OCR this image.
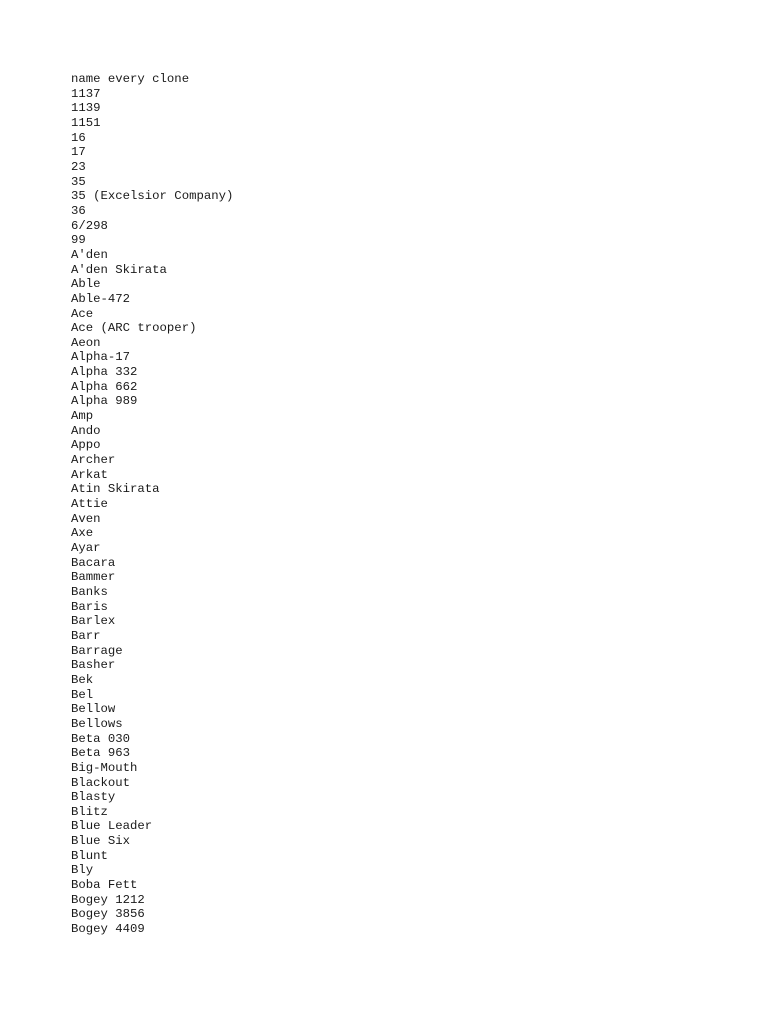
name every clone
1137
1139
1151
16
17
23
35
35 (Excelsior Company)
36
6/298
99
A'den
A'den Skirata
Able
Able-472
Ace
Ace (ARC trooper)
Aeon
Alpha-17
Alpha 332
Alpha 662
Alpha 989
Amp
Ando
Appo
Archer
Arkat
Atin Skirata
Attie
Aven
Axe
Ayar
Bacara
Bammer
Banks
Baris
Barlex
Barr
Barrage
Basher
Bek
Bel
Bellow
Bellows
Beta 030
Beta 963
Big-Mouth
Blackout
Blasty
Blitz
Blue Leader
Blue Six
Blunt
Bly
Boba Fett
Bogey 1212
Bogey 3856
Bogey 4409
